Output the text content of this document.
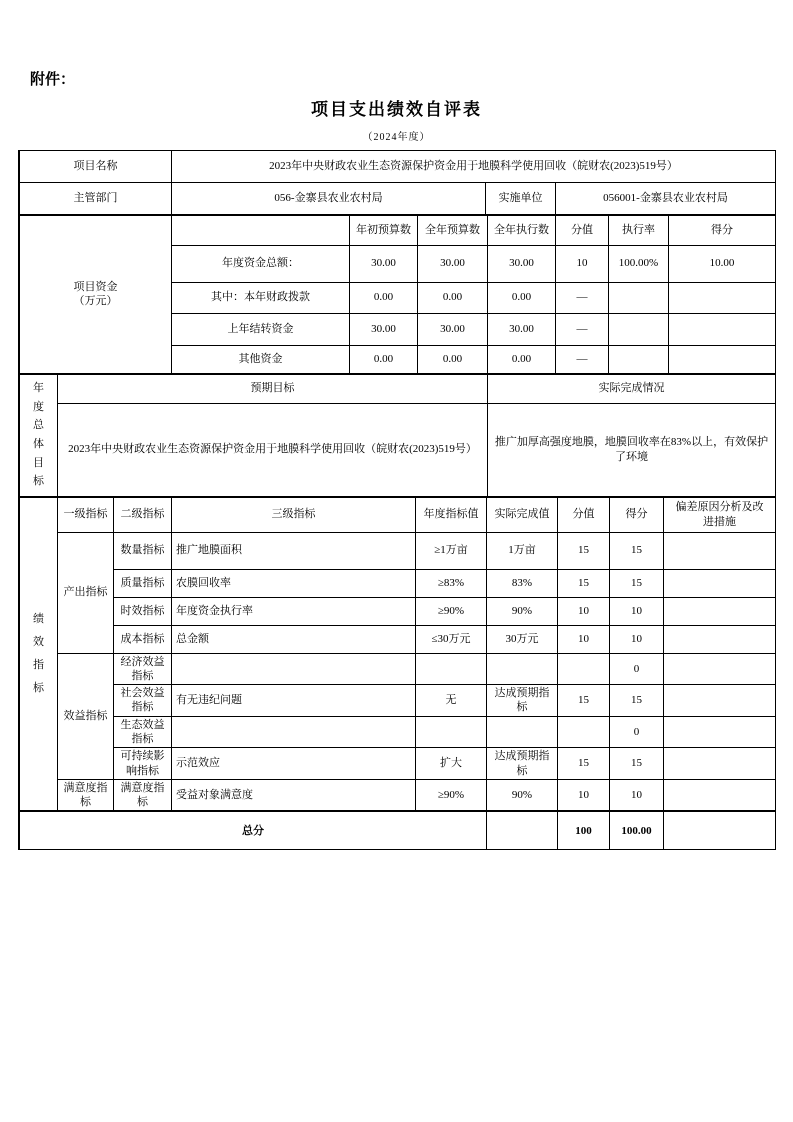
附件：
项目支出绩效自评表
（2024年度）
项目名称	2023年中央财政农业生态资源保护资金用于地膜科学使用回收（皖财农(2023)519号）		
主管部门	056-金寨县农业农村局	实施单位	056001-金寨县农业农村局
项目资金
（万元）		年初预算数	全年预算数	全年执行数	分值	执行率	得分
	年度资金总额：	30.00	30.00	30.00	10	100.00%	10.00
	其中：本年财政拨款	0.00	0.00	0.00	—		
	上年结转资金	30.00	30.00	30.00	—		
	其他资金	0.00	0.00	0.00	—		
年度总体目标	预期目标	实际完成情况
	2023年中央财政农业生态资源保护资金用于地膜科学使用回收（皖财农(2023)519号）	推广加厚高强度地膜，地膜回收率在83%以上，有效保护了环境
绩效指标	一级指标	二级指标	三级指标	年度指标值	实际完成值	分值	得分	偏差原因分析及改进措施
	产出指标	数量指标	推广地膜面积	≥1万亩	1万亩	15	15	
		质量指标	农膜回收率	≥83%	83%	15	15	
		时效指标	年度资金执行率	≥90%	90%	10	10	
		成本指标	总金额	≤30万元	30万元	10	10	
	效益指标	经济效益指标					0	
		社会效益指标	有无违纪问题	无	达成预期指标	15	15	
		生态效益指标					0	
		可持续影响指标	示范效应	扩大	达成预期指标	15	15	
	满意度指标	满意度指标	受益对象满意度	≥90%	90%	10	10	
总分						100	100.00	
